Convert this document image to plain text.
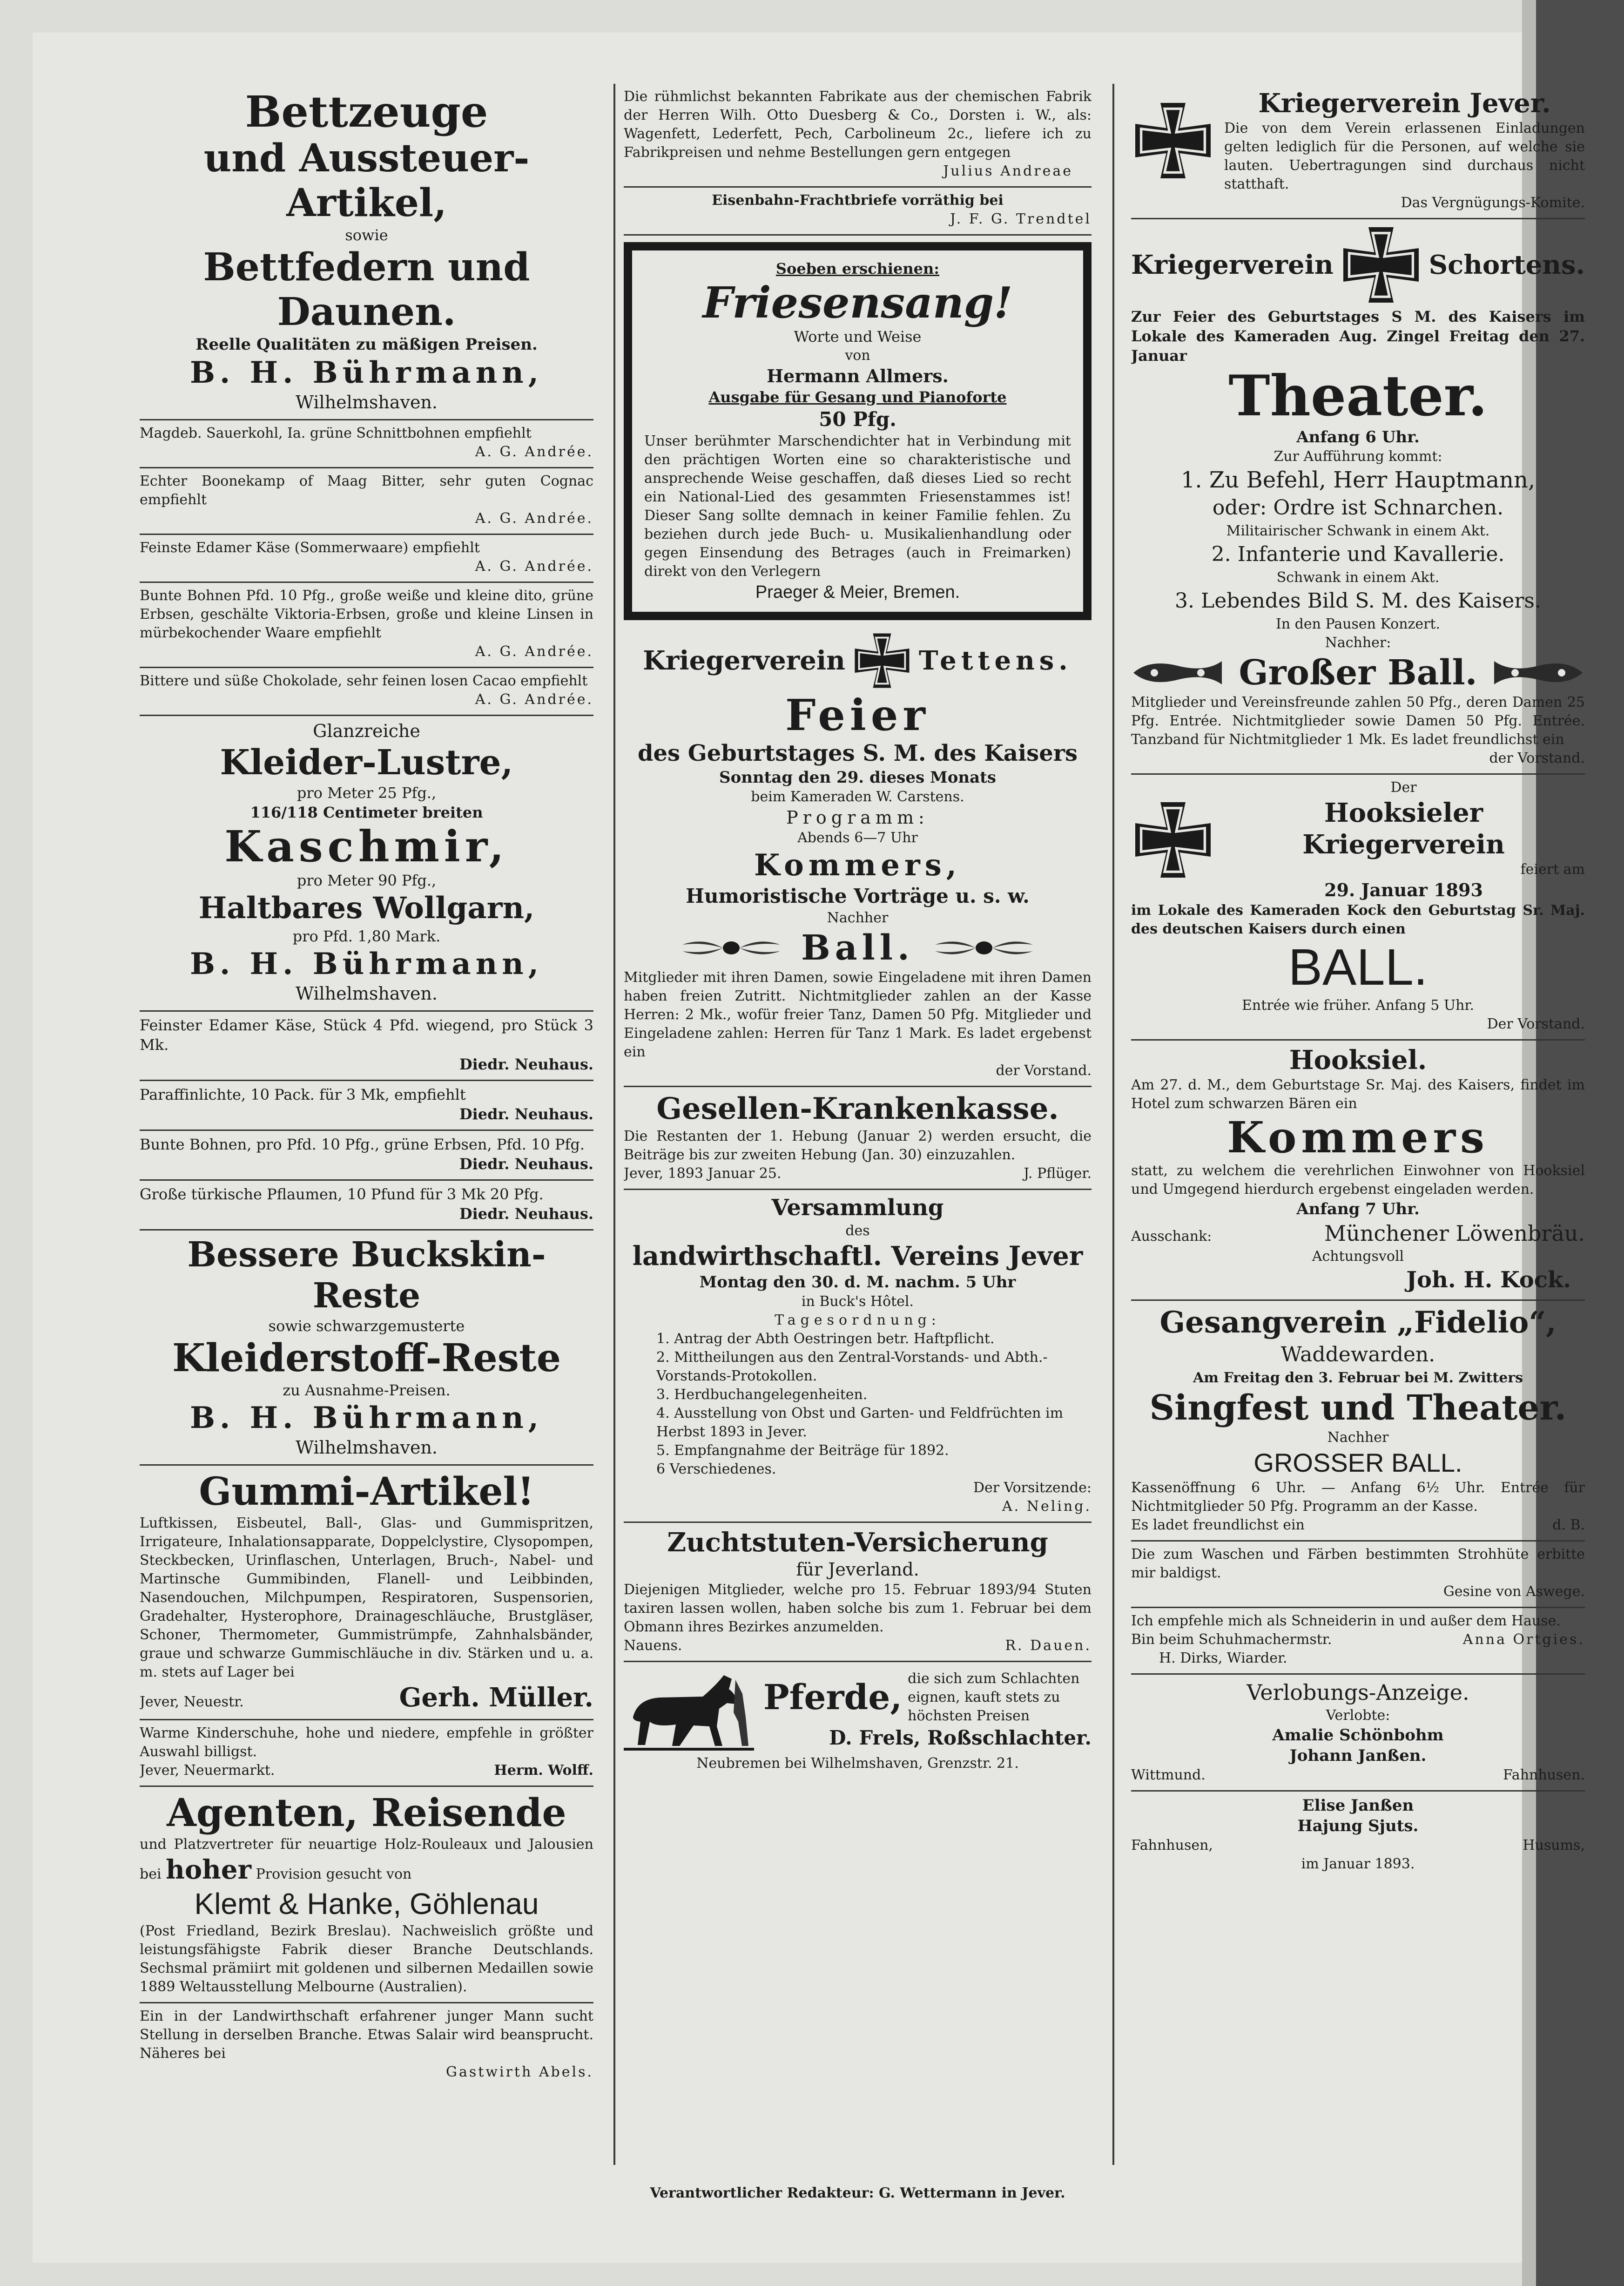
Bettzeuge
und Aussteuer-Artikel,
sowie
Bettfedern und Daunen.
Reelle Qualitäten zu mäßigen Preisen.
B. H. Bührmann,
Wilhelmshaven.
Magdeb. Sauerkohl, Ia. grüne Schnittbohnen empfiehlt
A. G. Andrée.
Echter Boonekamp of Maag Bitter, sehr guten Cognac empfiehlt
A. G. Andrée.
Feinste Edamer Käse (Sommerwaare) empfiehlt
A. G. Andrée.
Bunte Bohnen Pfd. 10 Pfg., große weiße und kleine dito, grüne Erbsen, geschälte Viktoria-Erbsen, große und kleine Linsen in mürbekochender Waare empfiehlt
A. G. Andrée.
Bittere und süße Chokolade, sehr feinen losen Cacao empfiehlt
A. G. Andrée.
Glanzreiche
Kleider-Lustre,
pro Meter 25 Pfg.,
116/118 Centimeter breiten
Kaschmir,
pro Meter 90 Pfg.,
Haltbares Wollgarn,
pro Pfd. 1,80 Mark.
B. H. Bührmann,
Wilhelmshaven.
Feinster Edamer Käse, Stück 4 Pfd. wiegend, pro Stück 3 Mk.
Diedr. Neuhaus.
Paraffinlichte, 10 Pack. für 3 Mk, empfiehlt
Diedr. Neuhaus.
Bunte Bohnen, pro Pfd. 10 Pfg., grüne Erbsen, Pfd. 10 Pfg.
Diedr. Neuhaus.
Große türkische Pflaumen, 10 Pfund für 3 Mk 20 Pfg.
Diedr. Neuhaus.
Bessere Buckskin-Reste
sowie schwarzgemusterte
Kleiderstoff-Reste
zu Ausnahme-Preisen.
B. H. Bührmann,
Wilhelmshaven.
Gummi-Artikel!
Luftkissen, Eisbeutel, Ball-, Glas- und Gummispritzen, Irrigateure, Inhalationsapparate, Doppelclystire, Clysopompen, Steckbecken, Urinflaschen, Unterlagen, Bruch-, Nabel- und Martinsche Gummibinden, Flanell- und Leibbinden, Nasendouchen, Milchpumpen, Respiratoren, Suspensorien, Gradehalter, Hysterophore, Drainageschläuche, Brustgläser, Schoner, Thermometer, Gummistrümpfe, Zahnhalsbänder, graue und schwarze Gummischläuche in div. Stärken und u. a. m. stets auf Lager bei
Jever, Neuestr.	Gerh. Müller.
Warme Kinderschuhe, hohe und niedere, empfehle in größter Auswahl billigst.
Jever, Neuermarkt.	Herm. Wolff.
Agenten, Reisende
und Platzvertreter für neuartige Holz-Rouleaux und Jalousien bei hoher Provision gesucht von
Klemt & Hanke, Göhlenau
(Post Friedland, Bezirk Breslau). Nachweislich größte und leistungsfähigste Fabrik dieser Branche Deutschlands. Sechsmal prämiirt mit goldenen und silbernen Medaillen sowie 1889 Weltausstellung Melbourne (Australien).
Ein in der Landwirthschaft erfahrener junger Mann sucht Stellung in derselben Branche. Etwas Salair wird beansprucht. Näheres bei
Gastwirth Abels.
Die rühmlichst bekannten Fabrikate aus der chemischen Fabrik der Herren Wilh. Otto Duesberg & Co., Dorsten i. W., als: Wagenfett, Lederfett, Pech, Carbolineum 2c., liefere ich zu Fabrikpreisen und nehme Bestellungen gern entgegen
Julius Andreae
Eisenbahn-Frachtbriefe vorräthig bei
J. F. G. Trendtel
Soeben erschienen:
Friesensang!
Worte und Weise
von
Hermann Allmers.
Ausgabe für Gesang und Pianoforte
50 Pfg.
Unser berühmter Marschendichter hat in Verbindung mit den prächtigen Worten eine so charakteristische und ansprechende Weise geschaffen, daß dieses Lied so recht ein National-Lied des gesammten Friesenstammes ist! Dieser Sang sollte demnach in keiner Familie fehlen. Zu beziehen durch jede Buch- u. Musikalienhandlung oder gegen Einsendung des Betrages (auch in Freimarken) direkt von den Verlegern
Praeger & Meier, Bremen.
Kriegerverein	Tettens.
Feier
des Geburtstages S. M. des Kaisers
Sonntag den 29. dieses Monats
beim Kameraden W. Carstens.
Programm:
Abends 6—7 Uhr
Kommers,
Humoristische Vorträge u. s. w.
Nachher
Ball.
Mitglieder mit ihren Damen, sowie Eingeladene mit ihren Damen haben freien Zutritt. Nichtmitglieder zahlen an der Kasse Herren: 2 Mk., wofür freier Tanz, Damen 50 Pfg. Mitglieder und Eingeladene zahlen: Herren für Tanz 1 Mark. Es ladet ergebenst ein
der Vorstand.
Gesellen-Krankenkasse.
Die Restanten der 1. Hebung (Januar 2) werden ersucht, die Beiträge bis zur zweiten Hebung (Jan. 30) einzuzahlen.
Jever, 1893 Januar 25.	J. Pflüger.
Versammlung
des
landwirthschaftl. Vereins Jever
Montag den 30. d. M. nachm. 5 Uhr
in Buck's Hôtel.
Tagesordnung:
1. Antrag der Abth Oestringen betr. Haftpflicht.
2. Mittheilungen aus den Zentral-Vorstands- und Abth.-Vorstands-Protokollen.
3. Herdbuchangelegenheiten.
4. Ausstellung von Obst und Garten- und Feldfrüchten im Herbst 1893 in Jever.
5. Empfangnahme der Beiträge für 1892.
6 Verschiedenes.
Der Vorsitzende:
A. Neling.
Zuchtstuten-Versicherung
für Jeverland.
Diejenigen Mitglieder, welche pro 15. Februar 1893/94 Stuten taxiren lassen wollen, haben solche bis zum 1. Februar bei dem Obmann ihres Bezirkes anzumelden.
Nauens.	R. Dauen.
Pferde, die sich zum Schlachten eignen, kauft stets zu höchsten Preisen
D. Frels, Roßschlachter.
Neubremen bei Wilhelmshaven, Grenzstr. 21.
Verantwortlicher Redakteur: G. Wettermann in Jever.
Kriegerverein Jever.
Die von dem Verein erlassenen Einladungen gelten lediglich für die Personen, auf welche sie lauten. Uebertragungen sind durchaus nicht statthaft.
Das Vergnügungs-Komite.
Kriegerverein	Schortens.
Zur Feier des Geburtstages S M. des Kaisers im Lokale des Kameraden Aug. Zingel Freitag den 27. Januar
Theater.
Anfang 6 Uhr.
Zur Aufführung kommt:
1. Zu Befehl, Herr Hauptmann,
oder: Ordre ist Schnarchen.
Militairischer Schwank in einem Akt.
2. Infanterie und Kavallerie.
Schwank in einem Akt.
3. Lebendes Bild S. M. des Kaisers.
In den Pausen Konzert.
Nachher:
Großer Ball.
Mitglieder und Vereinsfreunde zahlen 50 Pfg., deren Damen 25 Pfg. Entrée. Nichtmitglieder sowie Damen 50 Pfg. Entrée. Tanzband für Nichtmitglieder 1 Mk. Es ladet freundlichst ein
der Vorstand.
Der
Hooksieler Kriegerverein
feiert am
29. Januar 1893
im Lokale des Kameraden Kock den Geburtstag Sr. Maj. des deutschen Kaisers durch einen
BALL.
Entrée wie früher. Anfang 5 Uhr.
Der Vorstand.
Hooksiel.
Am 27. d. M., dem Geburtstage Sr. Maj. des Kaisers, findet im Hotel zum schwarzen Bären ein
Kommers
statt, zu welchem die verehrlichen Einwohner von Hooksiel und Umgegend hierdurch ergebenst eingeladen werden.
Anfang 7 Uhr.
Ausschank:	Münchener Löwenbräu.
Achtungsvoll
Joh. H. Kock.
Gesangverein „Fidelio“,
Waddewarden.
Am Freitag den 3. Februar bei M. Zwitters
Singfest und Theater.
Nachher
GROSSER BALL.
Kassenöffnung 6 Uhr. — Anfang 6½ Uhr. Entrée für Nichtmitglieder 50 Pfg. Programm an der Kasse.
Es ladet freundlichst ein	d. B.
Die zum Waschen und Färben bestimmten Strohhüte erbitte mir baldigst.
Gesine von Aswege.
Ich empfehle mich als Schneiderin in und außer dem Hause.
Bin beim Schuhmachermstr.	Anna Ortgies.
H. Dirks, Wiarder.
Verlobungs-Anzeige.
Verlobte:
Amalie Schönbohm
Johann Janßen.
Wittmund.	Fahnhusen.
Elise Janßen
Hajung Sjuts.
Fahnhusen,	Husums,
im Januar 1893.
